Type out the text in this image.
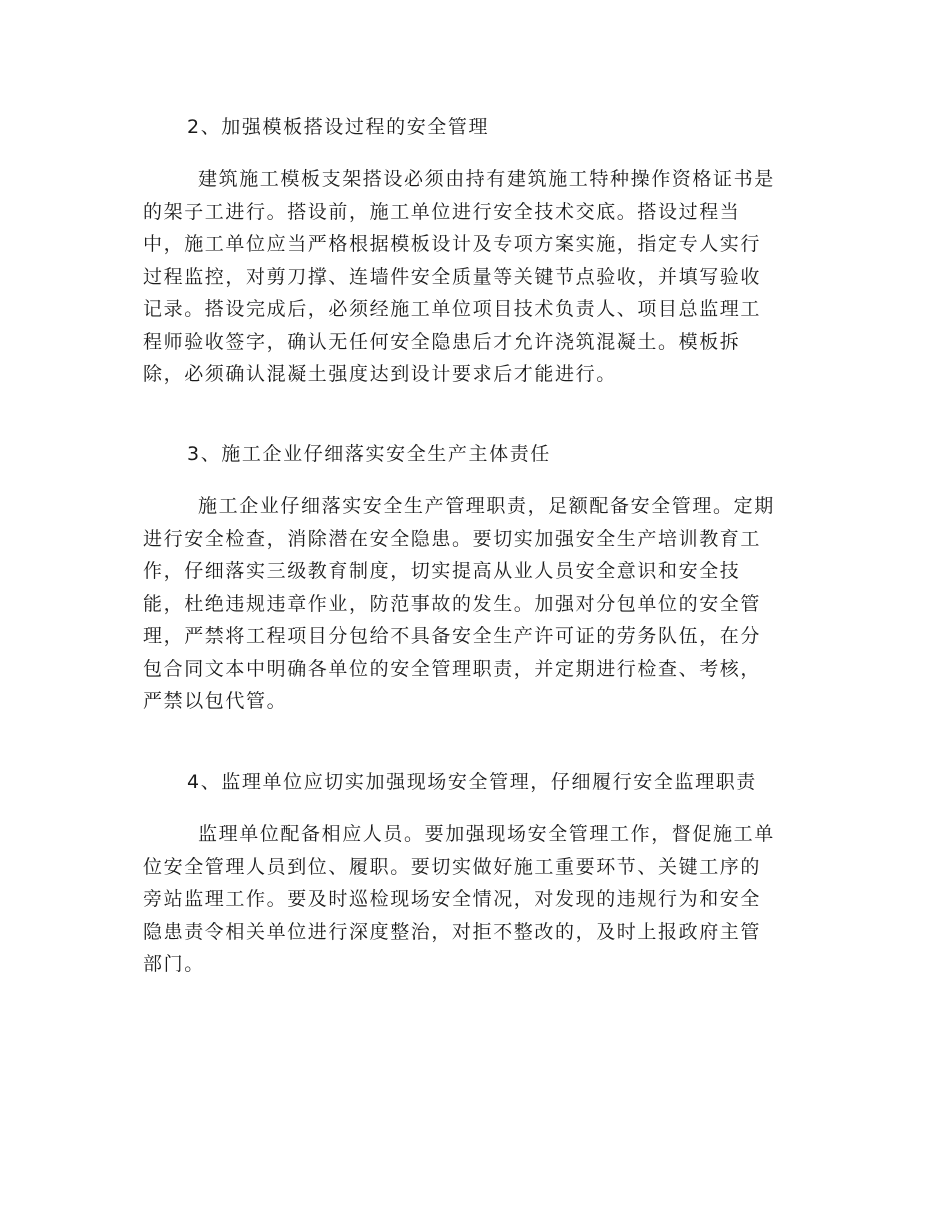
2、加强模板搭设过程的安全管理
建筑施工模板支架搭设必须由持有建筑施工特种操作资格证书是
的架子工进行。搭设前，施工单位进行安全技术交底。搭设过程当
中，施工单位应当严格根据模板设计及专项方案实施，指定专人实行
过程监控，对剪刀撑、连墙件安全质量等关键节点验收，并填写验收
记录。搭设完成后，必须经施工单位项目技术负责人、项目总监理工
程师验收签字，确认无任何安全隐患后才允许浇筑混凝土。模板拆
除，必须确认混凝土强度达到设计要求后才能进行。
3、施工企业仔细落实安全生产主体责任
施工企业仔细落实安全生产管理职责，足额配备安全管理。定期
进行安全检查，消除潜在安全隐患。要切实加强安全生产培训教育工
作，仔细落实三级教育制度，切实提高从业人员安全意识和安全技
能，杜绝违规违章作业，防范事故的发生。加强对分包单位的安全管
理，严禁将工程项目分包给不具备安全生产许可证的劳务队伍，在分
包合同文本中明确各单位的安全管理职责，并定期进行检查、考核，
严禁以包代管。
4、监理单位应切实加强现场安全管理，仔细履行安全监理职责
监理单位配备相应人员。要加强现场安全管理工作，督促施工单
位安全管理人员到位、履职。要切实做好施工重要环节、关键工序的
旁站监理工作。要及时巡检现场安全情况，对发现的违规行为和安全
隐患责令相关单位进行深度整治，对拒不整改的，及时上报政府主管
部门。
